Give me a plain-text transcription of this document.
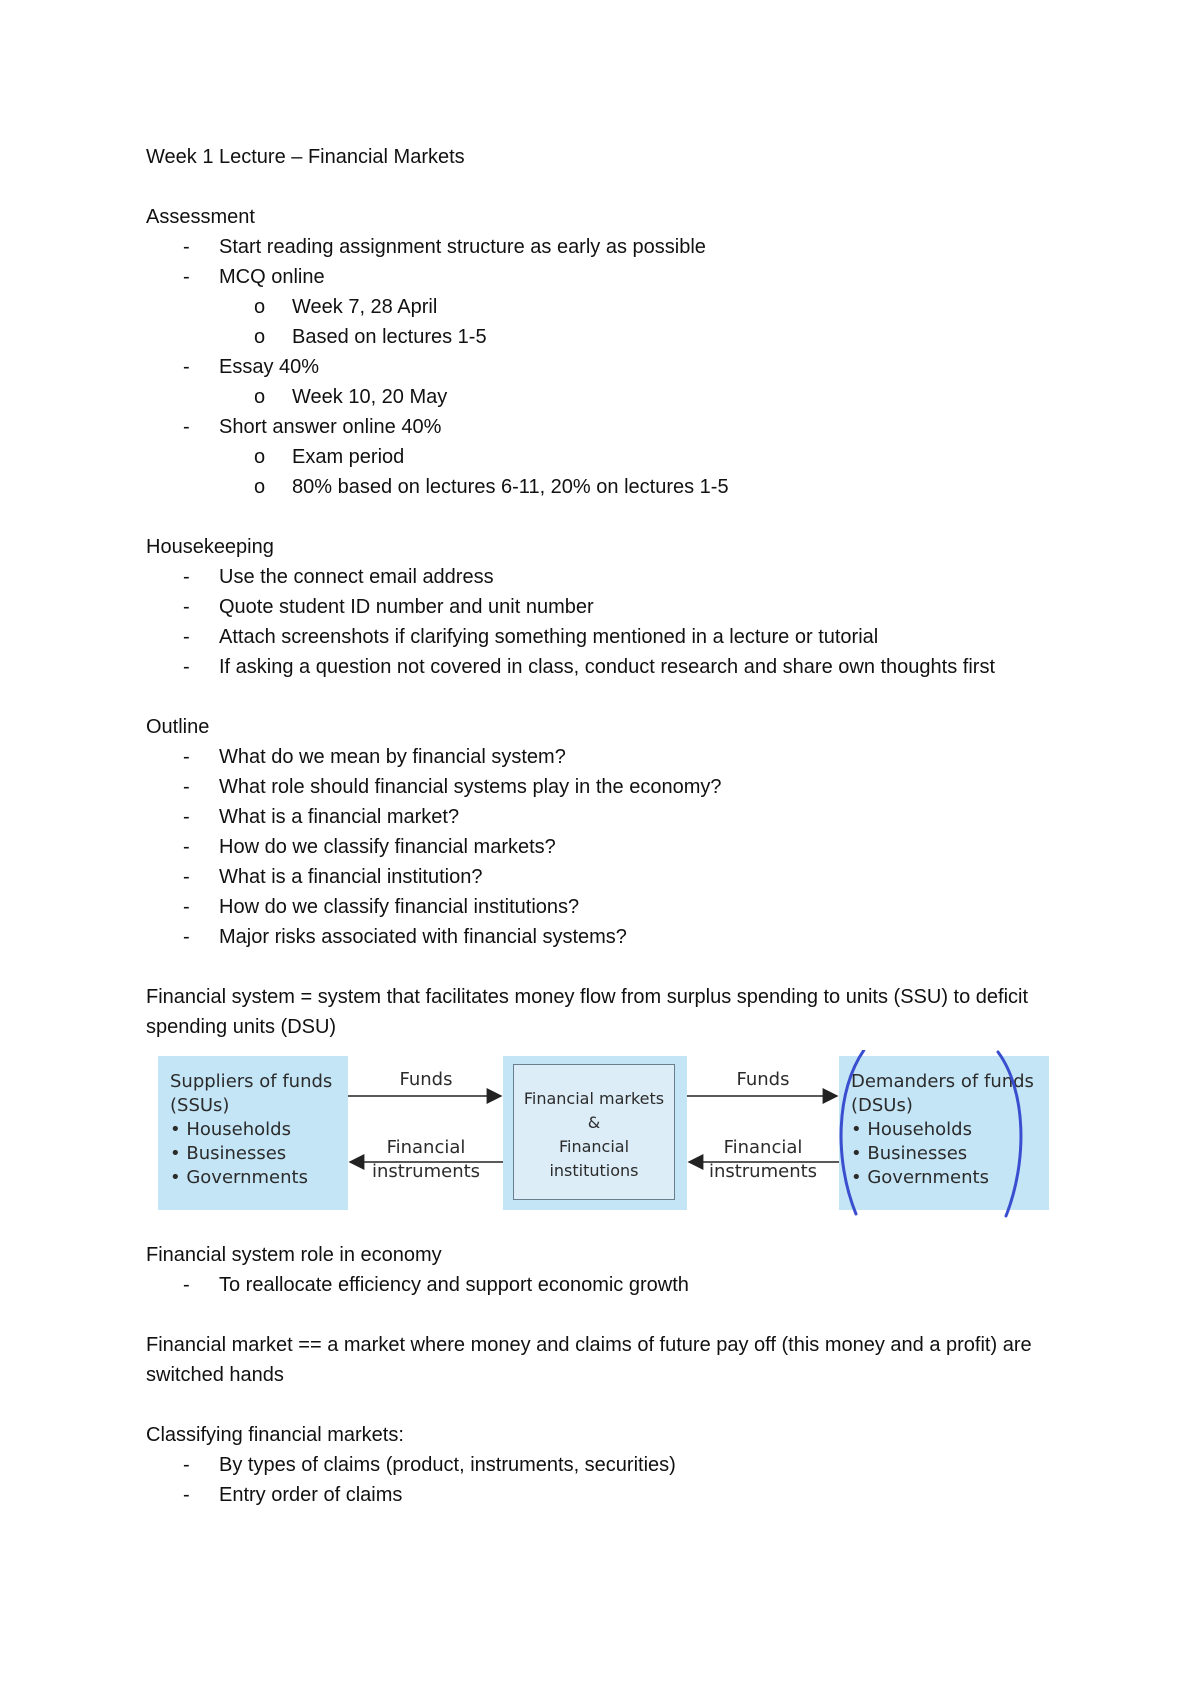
Week 1 Lecture – Financial Markets

Assessment

- Start reading assignment structure as early as possible
- MCQ online
o Week 7, 28 April
o Based on lectures 1-5
- Essay 40%
o Week 10, 20 May
- Short answer online 40%
o Exam period
o 80% based on lectures 6-11, 20% on lectures 1-5

Housekeeping

- Use the connect email address
- Quote student ID number and unit number
- Attach screenshots if clarifying something mentioned in a lecture or tutorial
- If asking a question not covered in class, conduct research and share own thoughts first

Outline

- What do we mean by financial system?
- What role should financial systems play in the economy?
- What is a financial market?
- How do we classify financial markets?
- What is a financial institution?
- How do we classify financial institutions?
- Major risks associated with financial systems?

Financial system = system that facilitates money flow from surplus spending to units (SSU) to deficit spending units (DSU)

Suppliers of funds
(SSUs)
• Households
• Businesses
• Governments
Financial markets
&
Financial
institutions
Demanders of funds
(DSUs)
• Households
• Businesses
• Governments
Funds
Financial
instruments
Funds
Financial
instruments

Financial system role in economy

- To reallocate efficiency and support economic growth

Financial market == a market where money and claims of future pay off (this money and a profit) are switched hands

Classifying financial markets:

- By types of claims (product, instruments, securities)
- Entry order of claims
